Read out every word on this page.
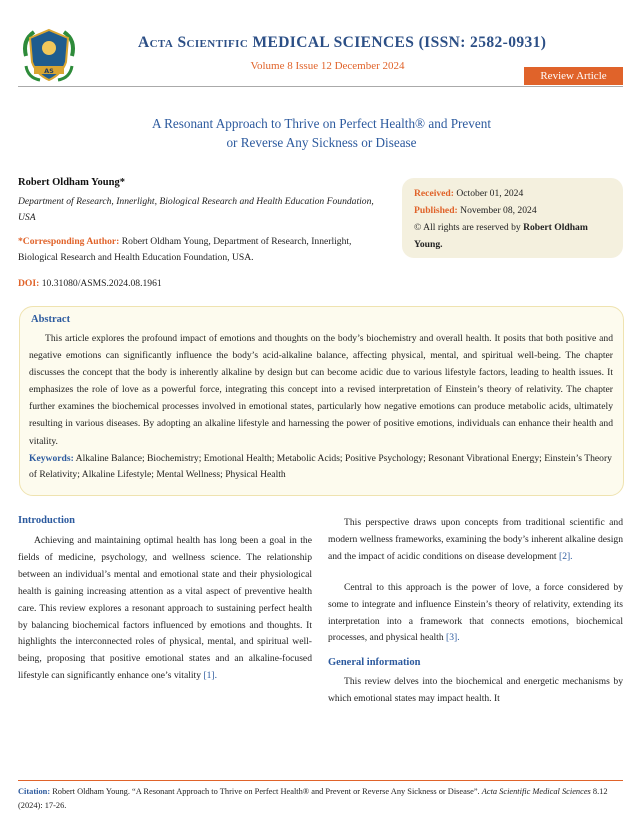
AS
Acta Scientific MEDICAL SCIENCES (ISSN: 2582-0931)
Volume 8 Issue 12 December 2024
Review Article
A Resonant Approach to Thrive on Perfect Health® and Prevent
or Reverse Any Sickness or Disease
Robert Oldham Young*
Department of Research, Innerlight, Biological Research and Health Education Foundation, USA
*Corresponding Author: Robert Oldham Young, Department of Research, Innerlight, Biological Research and Health Education Foundation, USA.
DOI: 10.31080/ASMS.2024.08.1961
Received: October 01, 2024
Published: November 08, 2024
© All rights are reserved by Robert Oldham Young.
Abstract

This article explores the profound impact of emotions and thoughts on the body’s biochemistry and overall health. It posits that both positive and negative emotions can significantly influence the body’s acid-alkaline balance, affecting physical, mental, and spiritual well-being. The chapter discusses the concept that the body is inherently alkaline by design but can become acidic due to various lifestyle factors, leading to health issues. It emphasizes the role of love as a powerful force, integrating this concept into a revised interpretation of Einstein’s theory of relativity. The chapter further examines the biochemical processes involved in emotional states, particularly how negative emotions can produce metabolic acids, ultimately resulting in various diseases. By adopting an alkaline lifestyle and harnessing the power of positive emotions, individuals can enhance their health and vitality.

Keywords: Alkaline Balance; Biochemistry; Emotional Health; Metabolic Acids; Positive Psychology; Resonant Vibrational Energy; Einstein’s Theory of Relativity; Alkaline Lifestyle; Mental Wellness; Physical Health

Introduction

Achieving and maintaining optimal health has long been a goal in the fields of medicine, psychology, and wellness science. The relationship between an individual’s mental and emotional state and their physiological health is gaining increasing attention as a vital aspect of preventive health care. This review explores a resonant approach to sustaining perfect health by balancing biochemical factors influenced by emotions and thoughts. It highlights the interconnected roles of physical, mental, and spiritual well-being, proposing that positive emotional states and an alkaline-focused lifestyle can significantly enhance one’s vitality [1].

This perspective draws upon concepts from traditional scientific and modern wellness frameworks, examining the body’s inherent alkaline design and the impact of acidic conditions on disease development [2].

Central to this approach is the power of love, a force considered by some to integrate and influence Einstein’s theory of relativity, extending its interpretation into a framework that connects emotions, biochemical processes, and physical health [3].

General information

This review delves into the biochemical and energetic mechanisms by which emotional states may impact health. It

Citation: Robert Oldham Young. “A Resonant Approach to Thrive on Perfect Health® and Prevent or Reverse Any Sickness or Disease”. Acta Scientific Medical Sciences 8.12 (2024): 17-26.
